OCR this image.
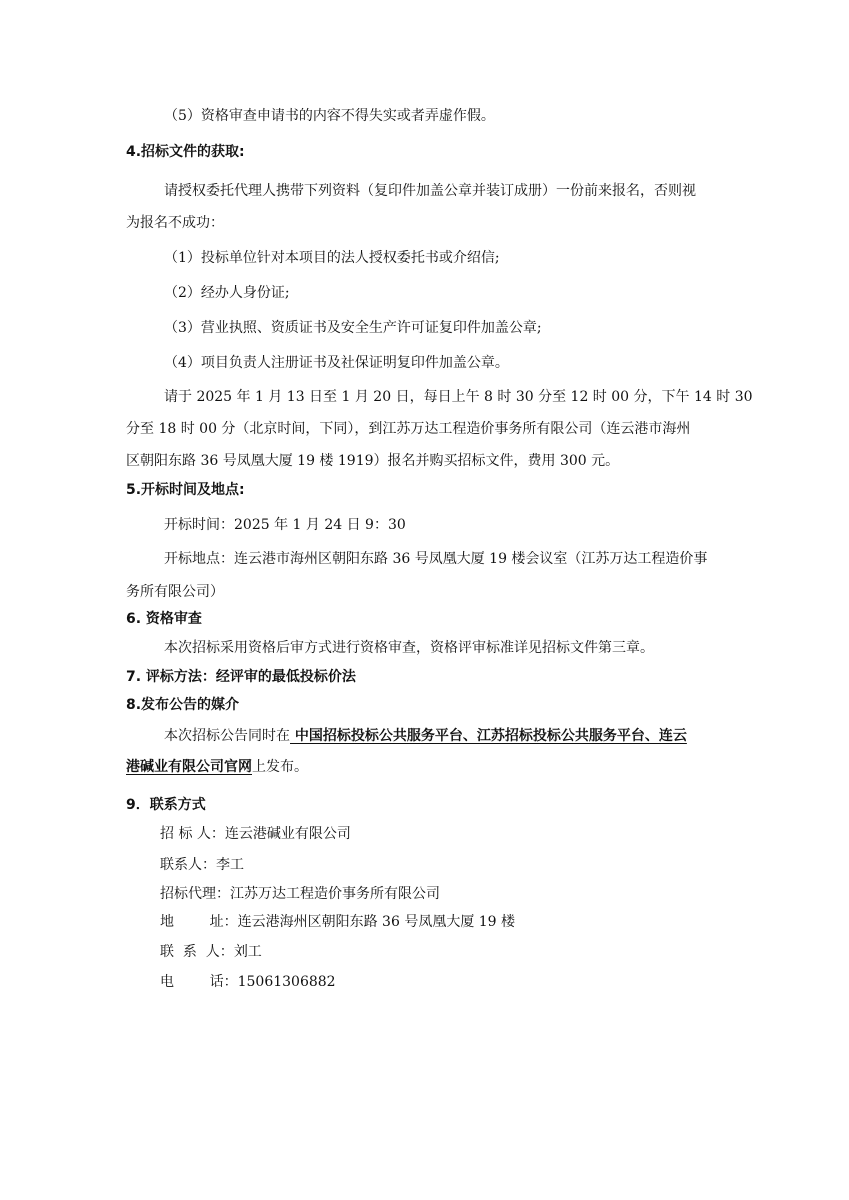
（5）资格审查申请书的内容不得失实或者弄虚作假。
4.招标文件的获取:
请授权委托代理人携带下列资料（复印件加盖公章并装订成册）一份前来报名，否则视
为报名不成功：
（1）投标单位针对本项目的法人授权委托书或介绍信;
（2）经办人身份证;
（3）营业执照、资质证书及安全生产许可证复印件加盖公章;
（4）项目负责人注册证书及社保证明复印件加盖公章。
请于 2025 年 1 月 13 日至 1 月 20 日，每日上午 8 时 30 分至 12 时 00 分，下午 14 时 30
分至 18 时 00 分（北京时间，下同），到江苏万达工程造价事务所有限公司（连云港市海州
区朝阳东路 36 号凤凰大厦 19 楼 1919）报名并购买招标文件，费用 300 元。
5.开标时间及地点:
开标时间：2025 年 1 月 24 日 9：30
开标地点：连云港市海州区朝阳东路 36 号凤凰大厦 19 楼会议室（江苏万达工程造价事
务所有限公司）
6. 资格审查
本次招标采用资格后审方式进行资格审查，资格评审标准详见招标文件第三章。
7. 评标方法：经评审的最低投标价法
8.发布公告的媒介
本次招标公告同时在 中国招标投标公共服务平台、江苏招标投标公共服务平台、连云
港碱业有限公司官网上发布。
9．联系方式
招 标 人：连云港碱业有限公司
联系人：李工
招标代理：江苏万达工程造价事务所有限公司
地        址：连云港海州区朝阳东路 36 号凤凰大厦 19 楼
联  系  人：刘工
电        话：15061306882
